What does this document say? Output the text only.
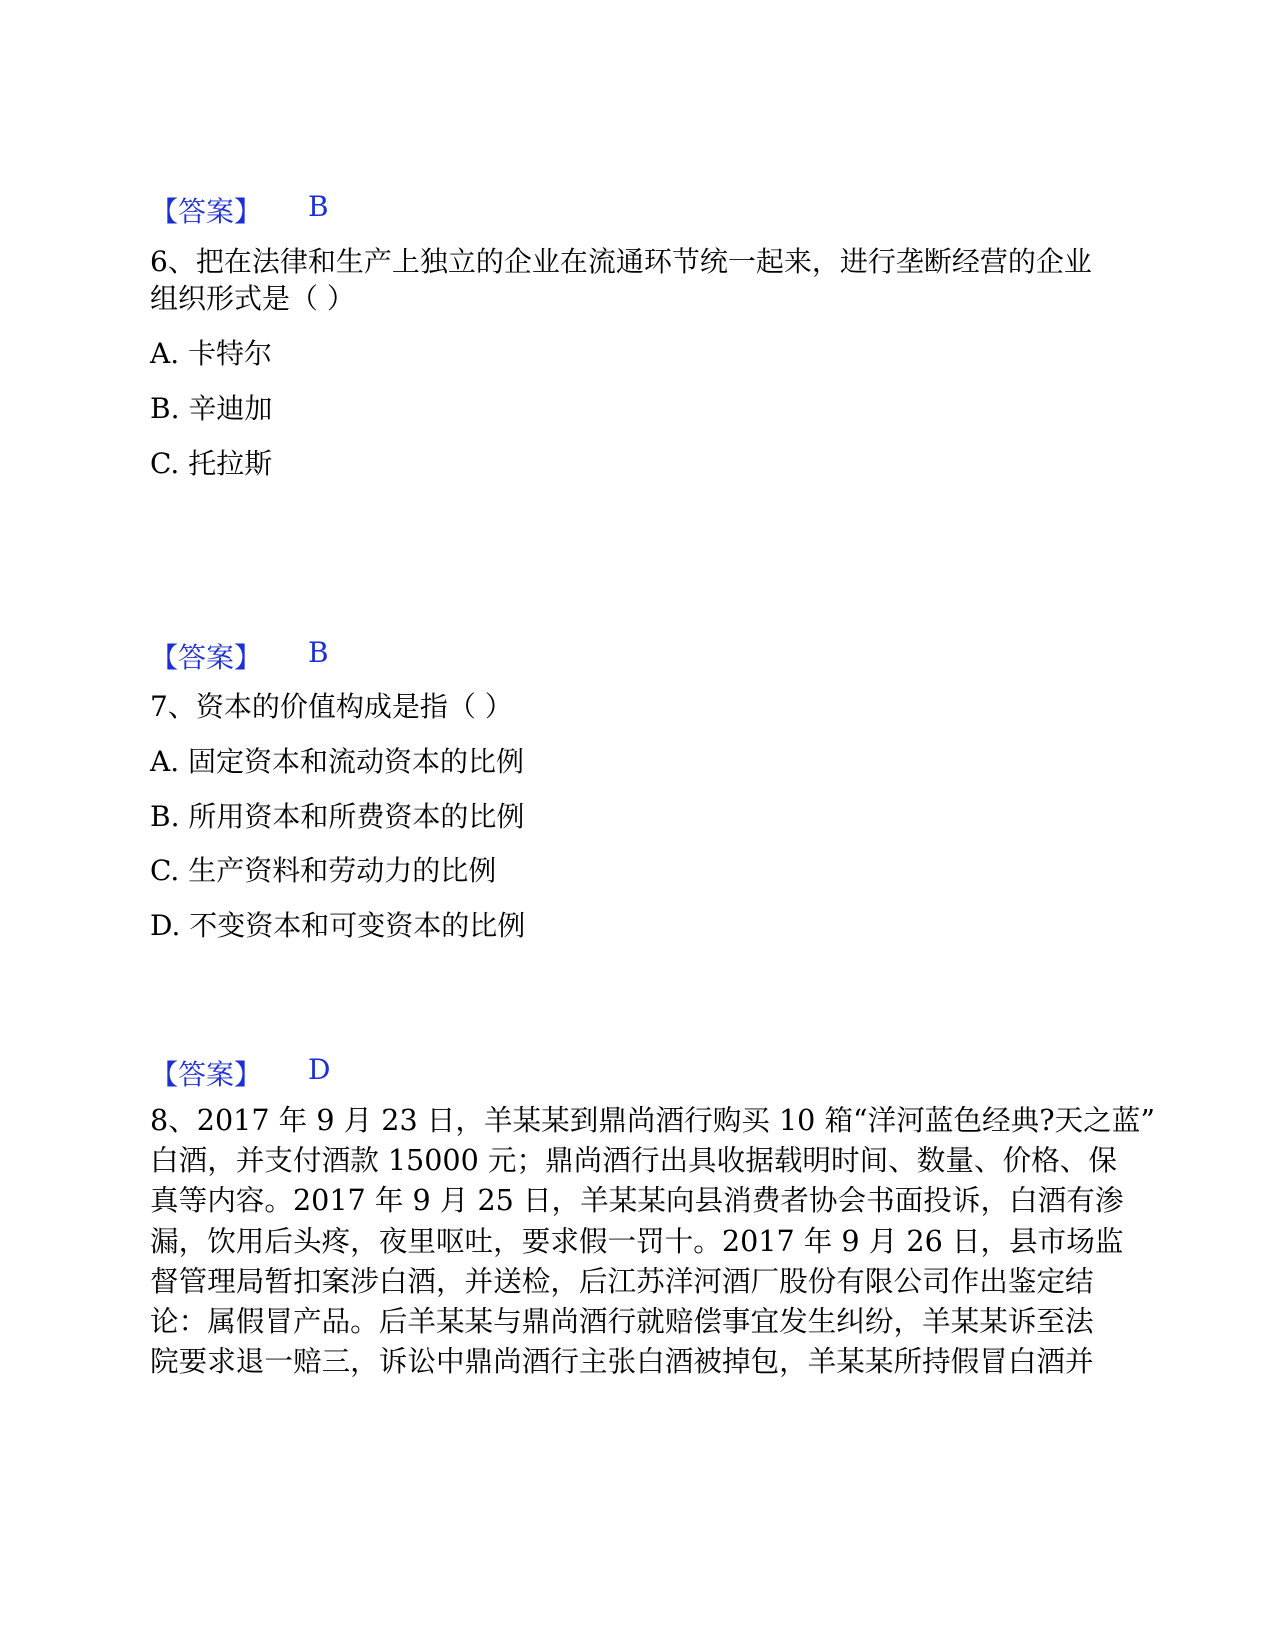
【答案】 B
6、把在法律和生产上独立的企业在流通环节统一起来，进行垄断经营的企业
组织形式是（ ）
A. 卡特尔
B. 辛迪加
C. 托拉斯
【答案】 B
7、资本的价值构成是指（ ）
A. 固定资本和流动资本的比例
B. 所用资本和所费资本的比例
C. 生产资料和劳动力的比例
D. 不变资本和可变资本的比例
【答案】 D
8、2017 年 9 月 23 日，羊某某到鼎尚酒行购买 10 箱“洋河蓝色经典?天之蓝”
白酒，并支付酒款 15000 元；鼎尚酒行出具收据载明时间、数量、价格、保
真等内容。2017 年 9 月 25 日，羊某某向县消费者协会书面投诉，白酒有渗
漏，饮用后头疼，夜里呕吐，要求假一罚十。2017 年 9 月 26 日，县市场监
督管理局暂扣案涉白酒，并送检，后江苏洋河酒厂股份有限公司作出鉴定结
论：属假冒产品。后羊某某与鼎尚酒行就赔偿事宜发生纠纷，羊某某诉至法
院要求退一赔三，诉讼中鼎尚酒行主张白酒被掉包，羊某某所持假冒白酒并
